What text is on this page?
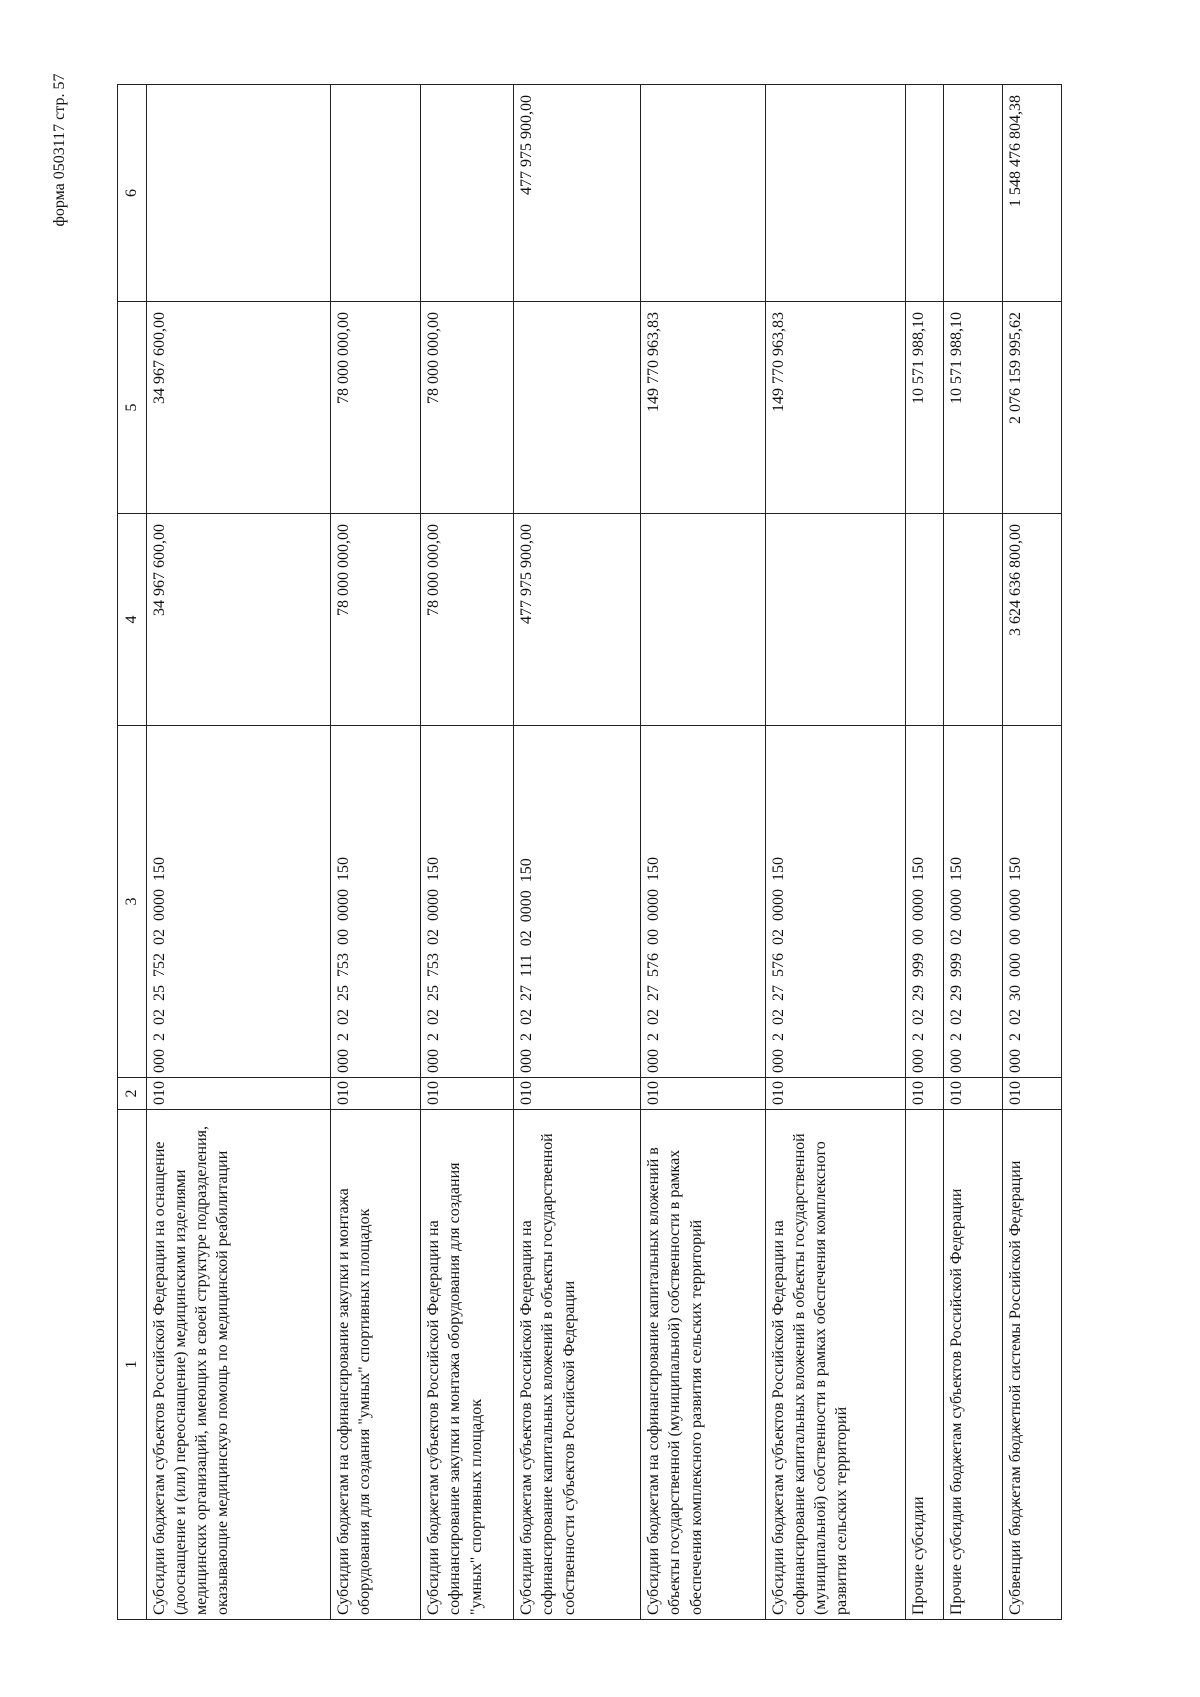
форма 0503117 стр. 57
1	2	3	4	5	6
Субсидии бюджетам субъектов Российской Федерации на оснащение (дооснащение и (или) переоснащение) медицинскими изделиями медицинских организаций, имеющих в своей структуре подразделения, оказывающие медицинскую помощь по медицинской реабилитации	010	000  2  02  25  752  02  0000  150	34 967 600,00	34 967 600,00	
Субсидии бюджетам на софинансирование закупки и монтажа оборудования для создания "умных" спортивных площадок	010	000  2  02  25  753  00  0000  150	78 000 000,00	78 000 000,00	
Субсидии бюджетам субъектов Российской Федерации на софинансирование закупки и монтажа оборудования для создания "умных" спортивных площадок	010	000  2  02  25  753  02  0000  150	78 000 000,00	78 000 000,00	
Субсидии бюджетам субъектов Российской Федерации на софинансирование капитальных вложений в объекты государственной собственности субъектов Российской Федерации	010	000  2  02  27  111  02  0000  150	477 975 900,00		477 975 900,00
Субсидии бюджетам на софинансирование капитальных вложений в объекты государственной (муниципальной) собственности в рамках обеспечения комплексного развития сельских территорий	010	000  2  02  27  576  00  0000  150		149 770 963,83	
Субсидии бюджетам субъектов Российской Федерации на софинансирование капитальных вложений в объекты государственной (муниципальной) собственности в рамках обеспечения комплексного развития сельских территорий	010	000  2  02  27  576  02  0000  150		149 770 963,83	
Прочие субсидии	010	000  2  02  29  999  00  0000  150		10 571 988,10	
Прочие субсидии бюджетам субъектов Российской Федерации	010	000  2  02  29  999  02  0000  150		10 571 988,10	
Субвенции бюджетам бюджетной системы Российской Федерации	010	000  2  02  30  000  00  0000  150	3 624 636 800,00	2 076 159 995,62	1 548 476 804,38
